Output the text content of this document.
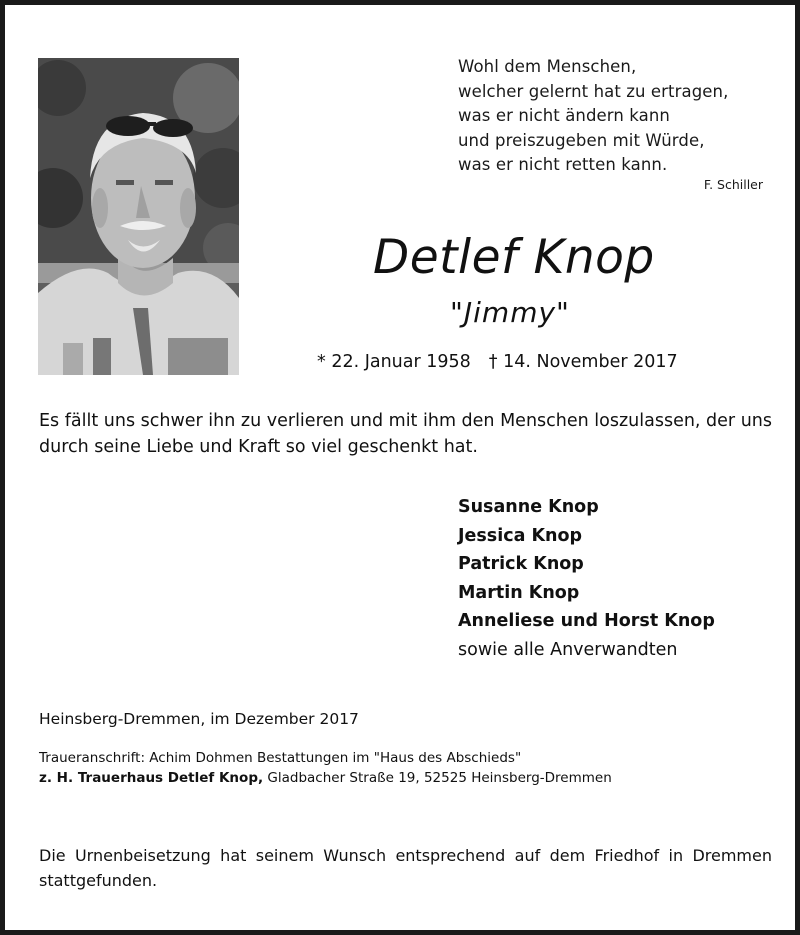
Wohl dem Menschen,
welcher gelernt hat zu ertragen,
was er nicht ändern kann
und preiszugeben mit Würde,
was er nicht retten kann.
F. Schiller
Detlef Knop
"Jimmy"
* 22. Januar 1958 † 14. November 2017
Es fällt uns schwer ihn zu verlieren und mit ihm den Menschen loszulassen, der uns durch seine Liebe und Kraft so viel geschenkt hat.
Susanne Knop
Jessica Knop
Patrick Knop
Martin Knop
Anneliese und Horst Knop
sowie alle Anverwandten
Heinsberg-Dremmen, im Dezember 2017
Traueranschrift: Achim Dohmen Bestattungen im "Haus des Abschieds"
z. H. Trauerhaus Detlef Knop, Gladbacher Straße 19, 52525 Heinsberg-Dremmen
Die Urnenbeisetzung hat seinem Wunsch entsprechend auf dem Friedhof in Dremmen stattgefunden.
